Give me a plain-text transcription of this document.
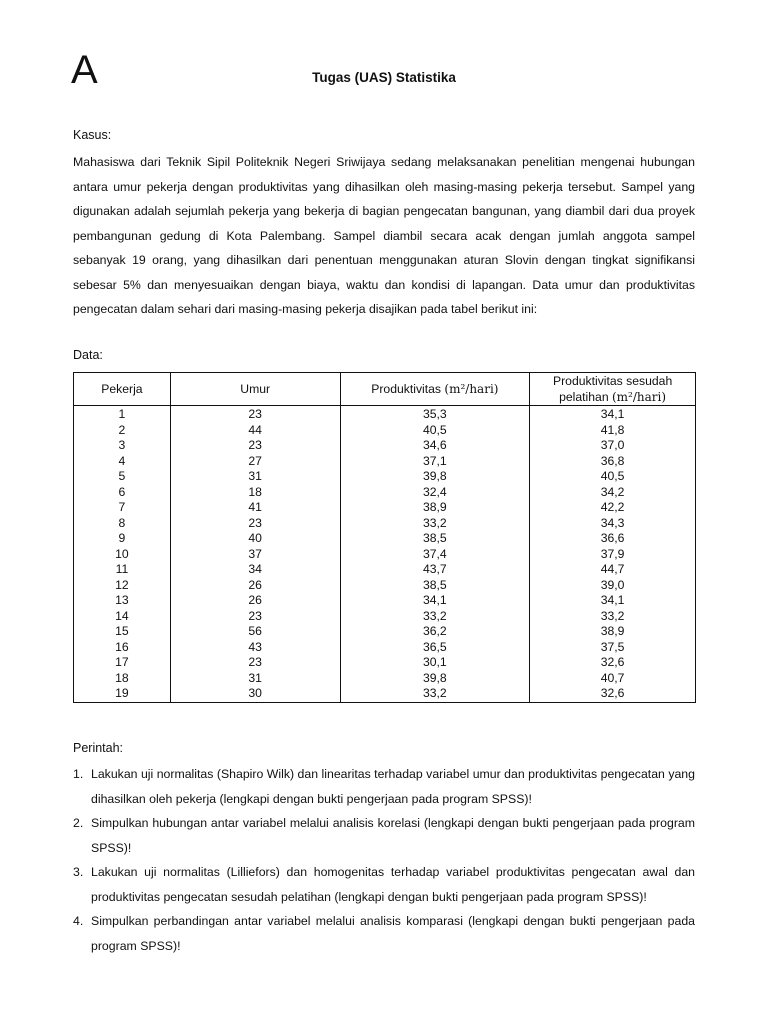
A	Tugas (UAS) Statistika
Kasus:
Mahasiswa dari Teknik Sipil Politeknik Negeri Sriwijaya sedang melaksanakan penelitian mengenai hubungan antara umur pekerja dengan produktivitas yang dihasilkan oleh masing-masing pekerja tersebut. Sampel yang digunakan adalah sejumlah pekerja yang bekerja di bagian pengecatan bangunan, yang diambil dari dua proyek pembangunan gedung di Kota Palembang. Sampel diambil secara acak dengan jumlah anggota sampel sebanyak 19 orang, yang dihasilkan dari penentuan menggunakan aturan Slovin dengan tingkat signifikansi sebesar 5% dan menyesuaikan dengan biaya, waktu dan kondisi di lapangan. Data umur dan produktivitas pengecatan dalam sehari dari masing-masing pekerja disajikan pada tabel berikut ini:
Data:
Pekerja	Umur	Produktivitas (m²/hari)	Produktivitas sesudah
pelatihan (m²/hari)

1	23	35,3	34,1
2	44	40,5	41,8
3	23	34,6	37,0
4	27	37,1	36,8
5	31	39,8	40,5
6	18	32,4	34,2
7	41	38,9	42,2
8	23	33,2	34,3
9	40	38,5	36,6
10	37	37,4	37,9
11	34	43,7	44,7
12	26	38,5	39,0
13	26	34,1	34,1
14	23	33,2	33,2
15	56	36,2	38,9
16	43	36,5	37,5
17	23	30,1	32,6
18	31	39,8	40,7
19	30	33,2	32,6
Perintah:
1. Lakukan uji normalitas (Shapiro Wilk) dan linearitas terhadap variabel umur dan produktivitas pengecatan yang dihasilkan oleh pekerja (lengkapi dengan bukti pengerjaan pada program SPSS)!
2. Simpulkan hubungan antar variabel melalui analisis korelasi (lengkapi dengan bukti pengerjaan pada program SPSS)!
3. Lakukan uji normalitas (Lilliefors) dan homogenitas terhadap variabel produktivitas pengecatan awal dan produktivitas pengecatan sesudah pelatihan (lengkapi dengan bukti pengerjaan pada program SPSS)!
4. Simpulkan perbandingan antar variabel melalui analisis komparasi (lengkapi dengan bukti pengerjaan pada program SPSS)!
